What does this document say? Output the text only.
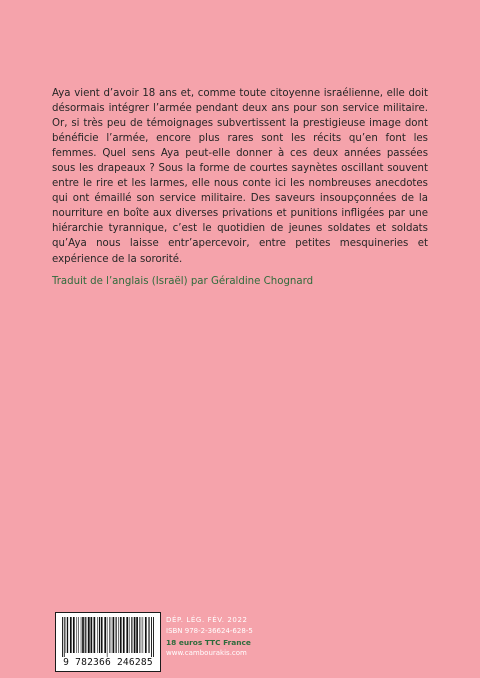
Aya vient d’avoir 18 ans et, comme toute citoyenne israélienne, elle doit désormais intégrer l’armée pendant deux ans pour son service militaire. Or, si très peu de témoignages subvertissent la prestigieuse image dont bénéficie l’armée, encore plus rares sont les récits qu’en font les femmes. Quel sens Aya peut-elle donner à ces deux années passées sous les drapeaux ? Sous la forme de courtes saynètes oscillant souvent entre le rire et les larmes, elle nous conte ici les nombreuses anecdotes qui ont émaillé son service militaire. Des saveurs insoupçonnées de la nourriture en boîte aux diverses privations et punitions infligées par une hiérarchie tyrannique, c’est le quotidien de jeunes soldates et soldats qu’Aya nous laisse entr’apercevoir, entre petites mesquineries et expérience de la sororité.

Traduit de l’anglais (Israël) par Géraldine Chognard

9 782366 246285
DÉP. LÉG. FÉV. 2022
ISBN 978-2-36624-628-5
18 euros TTC France
www.cambourakis.com
